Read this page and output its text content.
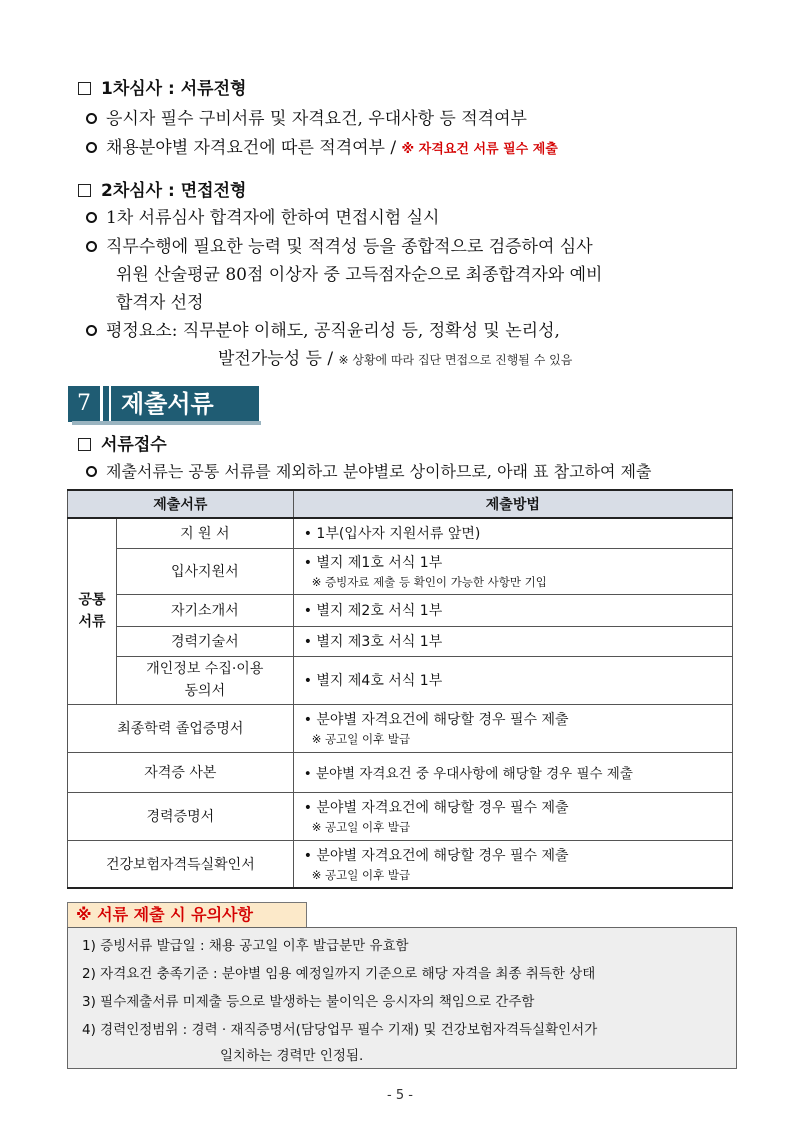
1차심사 : 서류전형
응시자 필수 구비서류 및 자격요건, 우대사항 등 적격여부
채용분야별 자격요건에 따른 적격여부 / ※ 자격요건 서류 필수 제출
2차심사 : 면접전형
1차 서류심사 합격자에 한하여 면접시험 실시
직무수행에 필요한 능력 및 적격성 등을 종합적으로 검증하여 심사
위원 산술평균 80점 이상자 중 고득점자순으로 최종합격자와 예비
합격자 선정
평정요소: 직무분야 이해도, 공직윤리성 등, 정확성 및 논리성,
발전가능성 등 / ※ 상황에 따라 집단 면접으로 진행될 수 있음
7	제출서류
서류접수
제출서류는 공통 서류를 제외하고 분야별로 상이하므로, 아래 표 참고하여 제출
제출서류		제출방법
공통
서류	지 원 서	• 1부(입사자 지원서류 앞면)
	입사지원서	• 별지 제1호 서식 1부
※ 증빙자료 제출 등 확인이 가능한 사항만 기입

	자기소개서	• 별지 제2호 서식 1부
	경력기술서	• 별지 제3호 서식 1부
	개인정보 수집·이용
동의서	• 별지 제4호 서식 1부
최종학력 졸업증명서		• 분야별 자격요건에 해당할 경우 필수 제출
※ 공고일 이후 발급

자격증 사본		• 분야별 자격요건 중 우대사항에 해당할 경우 필수 제출
경력증명서		• 분야별 자격요건에 해당할 경우 필수 제출
※ 공고일 이후 발급

건강보험자격득실확인서		• 분야별 자격요건에 해당할 경우 필수 제출
※ 공고일 이후 발급
※ 서류 제출 시 유의사항
1) 증빙서류 발급일 : 채용 공고일 이후 발급분만 유효함
2) 자격요건 충족기준 : 분야별 임용 예정일까지 기준으로 해당 자격을 최종 취득한 상태
3) 필수제출서류 미제출 등으로 발생하는 불이익은 응시자의 책임으로 간주함
4) 경력인정범위 : 경력 · 재직증명서(담당업무 필수 기재) 및 건강보험자격득실확인서가
일치하는 경력만 인정됨.
- 5 -
